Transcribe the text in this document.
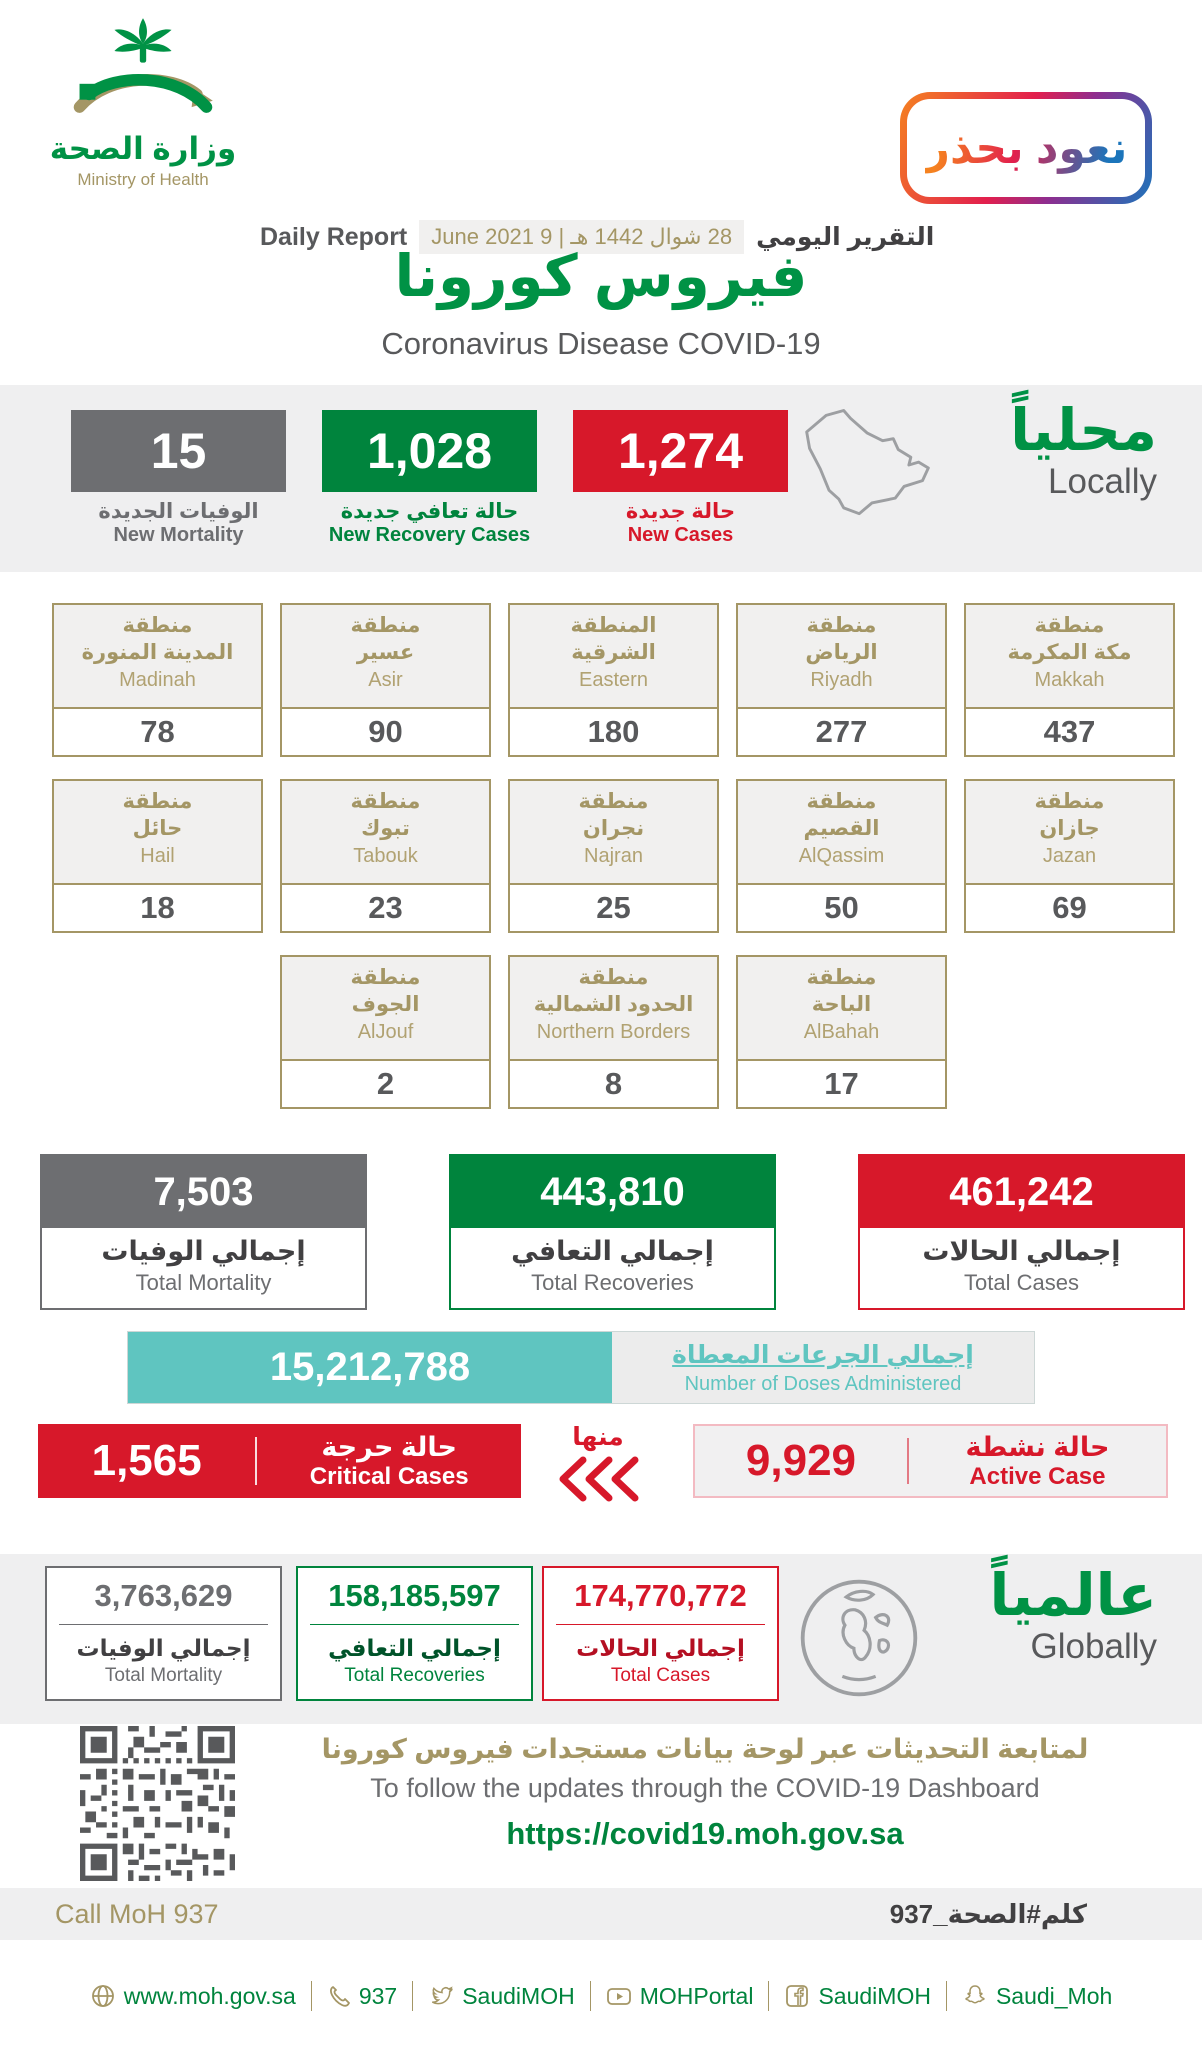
وزارة الصحة
Ministry of Health
نعود بحذر
Daily Report	28 شوال 1442 هـ | 9 June 2021 التقرير اليومي
فيروس كورونا
Coronavirus Disease COVID-19
15
الوفيات الجديدة
New Mortality
1,028
حالة تعافي جديدة
New Recovery Cases
1,274
حالة جديدة
New Cases
محلياً
Locally
منطقة
المدينة المنورة
Madinah
78
منطقة
عسير
Asir
90
المنطقة
الشرقية
Eastern
180
منطقة
الرياض
Riyadh
277
منطقة
مكة المكرمة
Makkah
437
منطقة
حائل
Hail
18
منطقة
تبوك
Tabouk
23
منطقة
نجران
Najran
25
منطقة
القصيم
AlQassim
50
منطقة
جازان
Jazan
69
منطقة
الجوف
AlJouf
2
منطقة
الحدود الشمالية
Northern Borders
8
منطقة
الباحة
AlBahah
17
7,503
إجمالي الوفيات
Total Mortality
443,810
إجمالي التعافي
Total Recoveries
461,242
إجمالي الحالات
Total Cases
15,212,788	إجمالي الجرعات المعطاة
Number of Doses Administered
1,565	حالة حرجة
Critical Cases
منها	9,929	حالة نشطة
Active Case
3,763,629
إجمالي الوفيات
Total Mortality
158,185,597
إجمالي التعافي
Total Recoveries
174,770,772
إجمالي الحالات
Total Cases
عالمياً
Globally
لمتابعة التحديثات عبر لوحة بيانات مستجدات فيروس كورونا
To follow the updates through the COVID-19 Dashboard
https://covid19.moh.gov.sa
Call MoH 937	كلم#الصحة_937
www.moh.gov.sa	937	SaudiMOH	MOHPortal	SaudiMOH	Saudi_Moh
